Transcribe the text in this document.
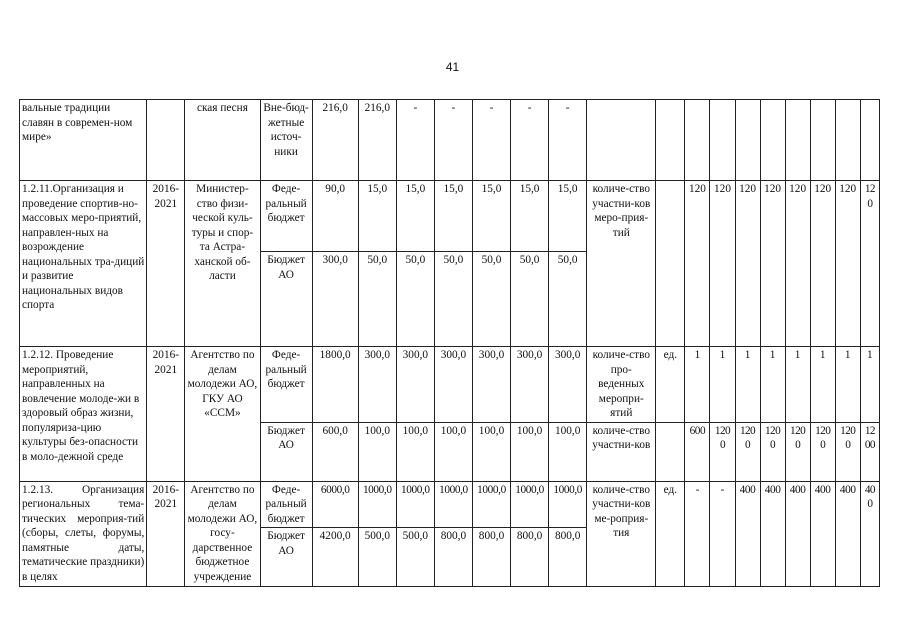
41
вальные традиции славян в современ-ном мире»		ская песня	Вне-бюд-жетные источ-ники	216,0	216,0	-	-	-	-	-										
1.2.11.Организация и проведение спортив-но-массовых меро-приятий, направлен-ных на возрождение национальных тра-диций и развитие национальных видов спорта	2016-2021	Министер-ство физи-ческой куль-туры и спор-та Астра-ханской об-ласти	Феде-ральный бюджет	90,0	15,0	15,0	15,0	15,0	15,0	15,0	количе-ство участни-ков меро-прия-тий		120	120	120	120	120	120	120	120
			Бюджет АО	300,0	50,0	50,0	50,0	50,0	50,0	50,0										
1.2.12. Проведение мероприятий, направленных на вовлечение молоде-жи в здоровый образ жизни, популяриза-цию культуры без-опасности в моло-дежной среде	2016-2021	Агентство по делам молодежи АО, ГКУ АО «ССМ»	Феде-ральный бюджет	1800,0	300,0	300,0	300,0	300,0	300,0	300,0	количе-ство про-веденных меропри-ятий	ед.	1	1	1	1	1	1	1	1
			Бюджет АО	600,0	100,0	100,0	100,0	100,0	100,0	100,0	количе-ство участни-ков		600	1200	1200	1200	1200	1200	1200	1200
1.2.13. Организация региональных тема-тических мероприя-тий (сборы, слеты, форумы, памятные даты, тематические праздники) в целях	2016-2021	Агентство по делам молодежи АО, госу-дарственное бюджетное учреждение	Феде-ральный бюджет	6000,0	1000,0	1000,0	1000,0	1000,0	1000,0	1000,0	количе-ство участни-ков ме-роприя-тия	ед.	-	-	400	400	400	400	400	400
			Бюджет АО	4200,0	500,0	500,0	800,0	800,0	800,0	800,0										
